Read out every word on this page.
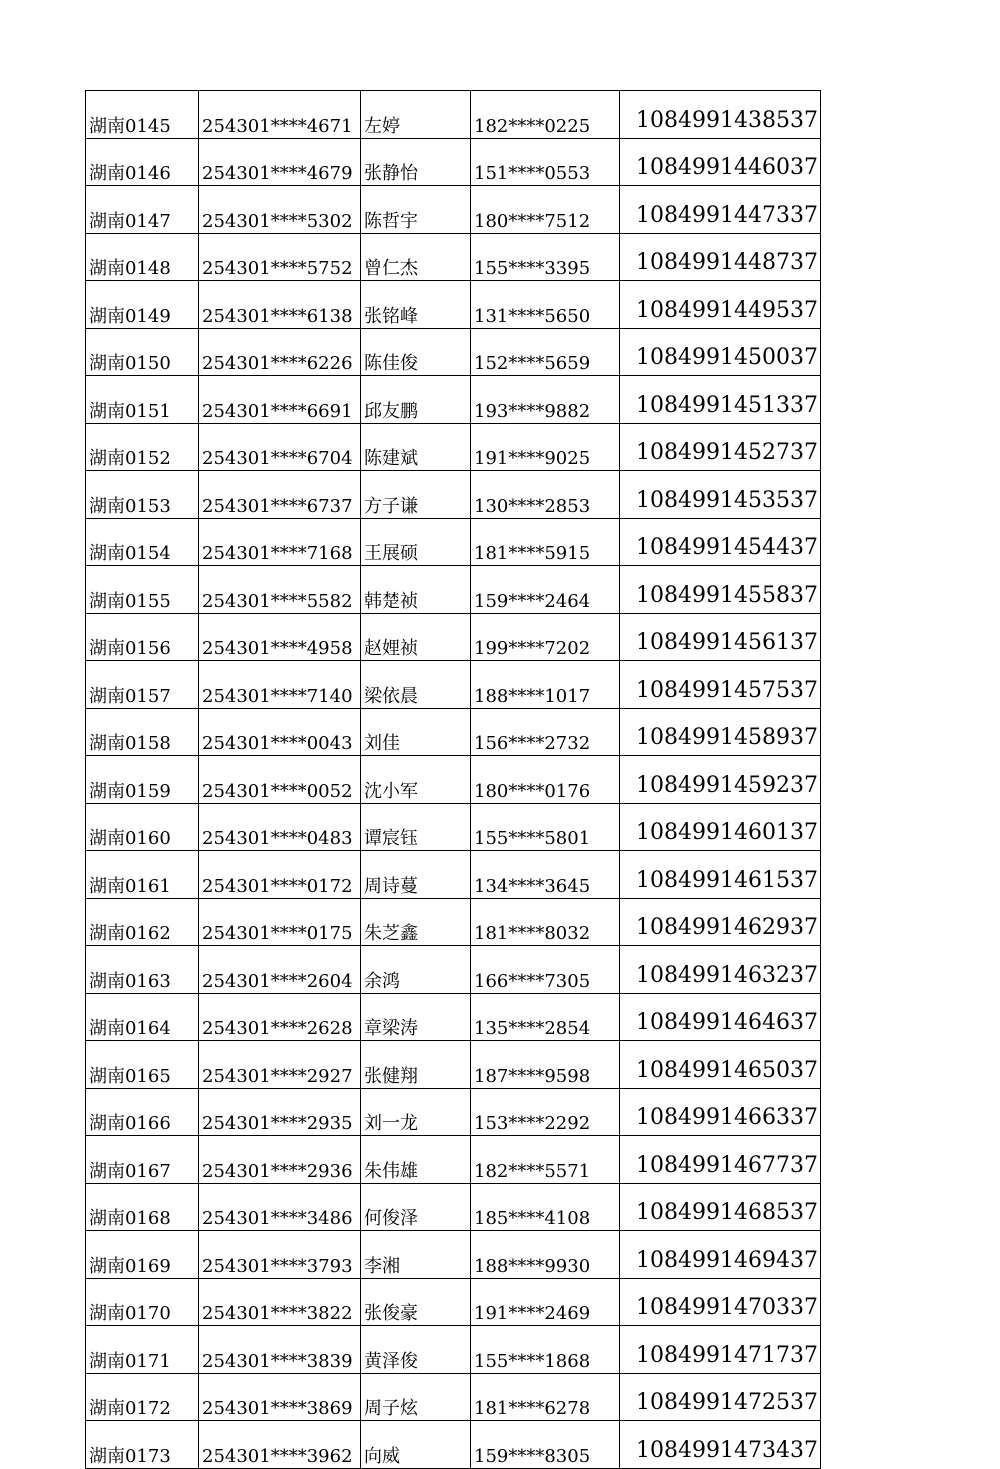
湖南0145	254301****4671	左婷	182****0225	1084991438537
湖南0146	254301****4679	张静怡	151****0553	1084991446037
湖南0147	254301****5302	陈哲宇	180****7512	1084991447337
湖南0148	254301****5752	曾仁杰	155****3395	1084991448737
湖南0149	254301****6138	张铭峰	131****5650	1084991449537
湖南0150	254301****6226	陈佳俊	152****5659	1084991450037
湖南0151	254301****6691	邱友鹏	193****9882	1084991451337
湖南0152	254301****6704	陈建斌	191****9025	1084991452737
湖南0153	254301****6737	方子谦	130****2853	1084991453537
湖南0154	254301****7168	王展硕	181****5915	1084991454437
湖南0155	254301****5582	韩楚祯	159****2464	1084991455837
湖南0156	254301****4958	赵娌祯	199****7202	1084991456137
湖南0157	254301****7140	梁依晨	188****1017	1084991457537
湖南0158	254301****0043	刘佳	156****2732	1084991458937
湖南0159	254301****0052	沈小军	180****0176	1084991459237
湖南0160	254301****0483	谭宸钰	155****5801	1084991460137
湖南0161	254301****0172	周诗蔓	134****3645	1084991461537
湖南0162	254301****0175	朱芝鑫	181****8032	1084991462937
湖南0163	254301****2604	余鸿	166****7305	1084991463237
湖南0164	254301****2628	章梁涛	135****2854	1084991464637
湖南0165	254301****2927	张健翔	187****9598	1084991465037
湖南0166	254301****2935	刘一龙	153****2292	1084991466337
湖南0167	254301****2936	朱伟雄	182****5571	1084991467737
湖南0168	254301****3486	何俊泽	185****4108	1084991468537
湖南0169	254301****3793	李湘	188****9930	1084991469437
湖南0170	254301****3822	张俊豪	191****2469	1084991470337
湖南0171	254301****3839	黄泽俊	155****1868	1084991471737
湖南0172	254301****3869	周子炫	181****6278	1084991472537
湖南0173	254301****3962	向威	159****8305	1084991473437
